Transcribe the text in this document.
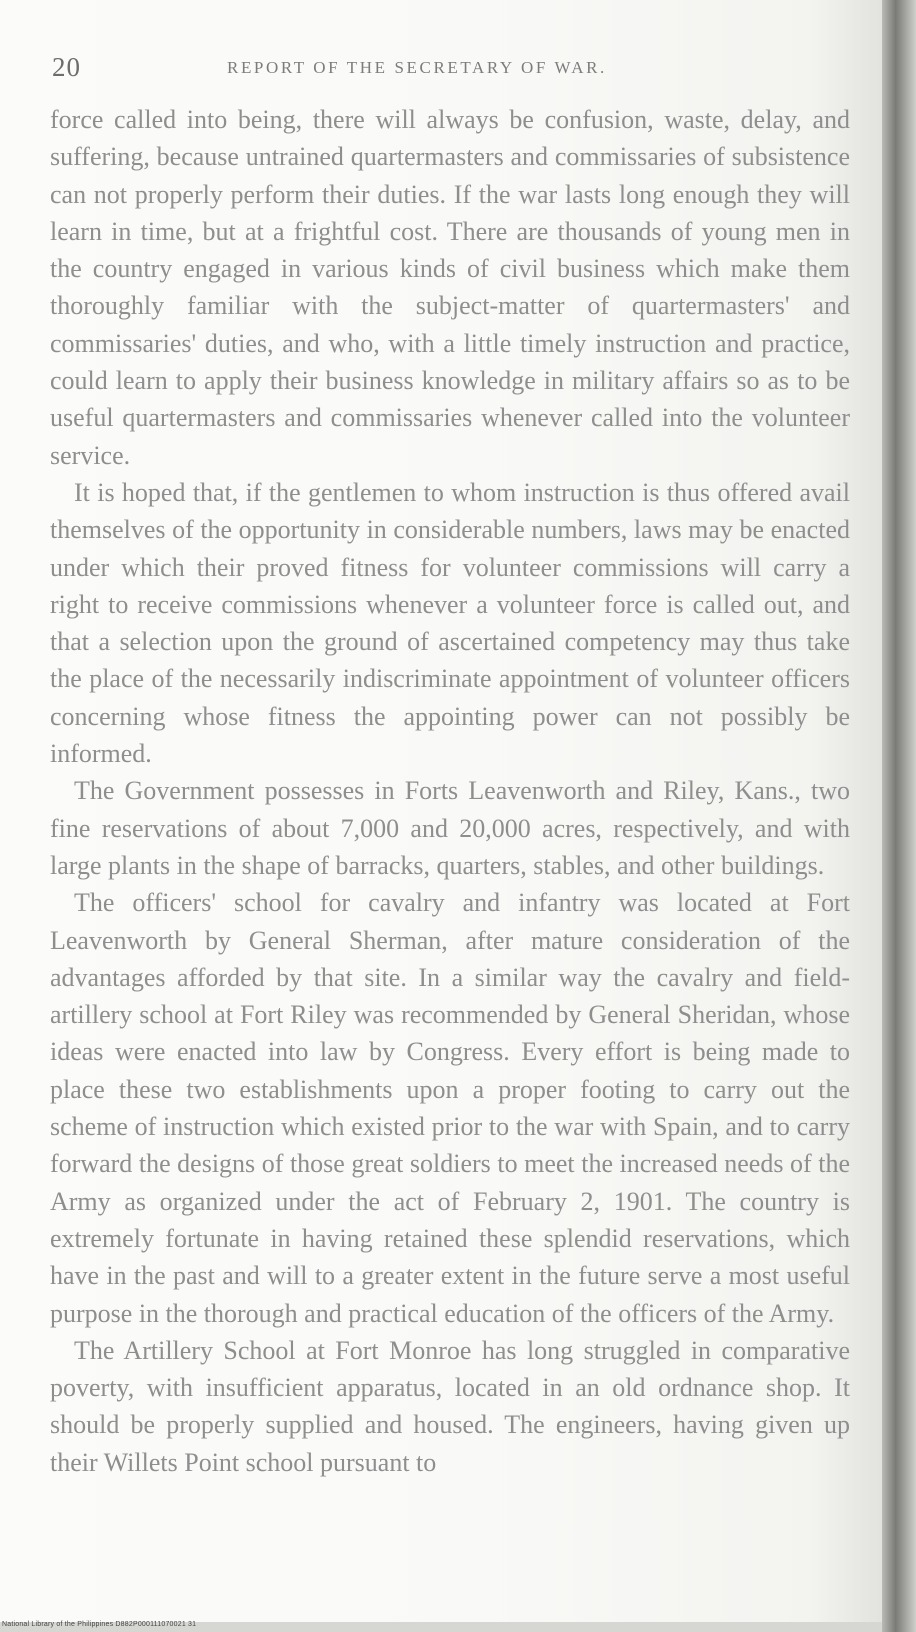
20	REPORT OF THE SECRETARY OF WAR.

force called into being, there will always be confusion, waste, delay, and suffering, because untrained quartermasters and commissaries of subsistence can not properly perform their duties. If the war lasts long enough they will learn in time, but at a frightful cost. There are thousands of young men in the country engaged in various kinds of civil business which make them thoroughly familiar with the subject-matter of quartermasters' and commissaries' duties, and who, with a little timely instruction and practice, could learn to apply their business knowledge in military affairs so as to be useful quartermasters and commissaries whenever called into the volunteer service.

It is hoped that, if the gentlemen to whom instruction is thus offered avail themselves of the opportunity in considerable numbers, laws may be enacted under which their proved fitness for volunteer commissions will carry a right to receive commissions whenever a volunteer force is called out, and that a selection upon the ground of ascertained competency may thus take the place of the necessarily indiscriminate appointment of volunteer officers concerning whose fitness the appointing power can not possibly be informed.

The Government possesses in Forts Leavenworth and Riley, Kans., two fine reservations of about 7,000 and 20,000 acres, respectively, and with large plants in the shape of barracks, quarters, stables, and other buildings.

The officers' school for cavalry and infantry was located at Fort Leavenworth by General Sherman, after mature consideration of the advantages afforded by that site. In a similar way the cavalry and field-artillery school at Fort Riley was recommended by General Sheridan, whose ideas were enacted into law by Congress. Every effort is being made to place these two establishments upon a proper footing to carry out the scheme of instruction which existed prior to the war with Spain, and to carry forward the designs of those great soldiers to meet the increased needs of the Army as organized under the act of February 2, 1901. The country is extremely fortunate in having retained these splendid reservations, which have in the past and will to a greater extent in the future serve a most useful purpose in the thorough and practical education of the officers of the Army.

The Artillery School at Fort Monroe has long struggled in comparative poverty, with insufficient apparatus, located in an old ordnance shop. It should be properly supplied and housed. The engineers, having given up their Willets Point school pursuant to

National Library of the Philippines D882P000111070021 31
